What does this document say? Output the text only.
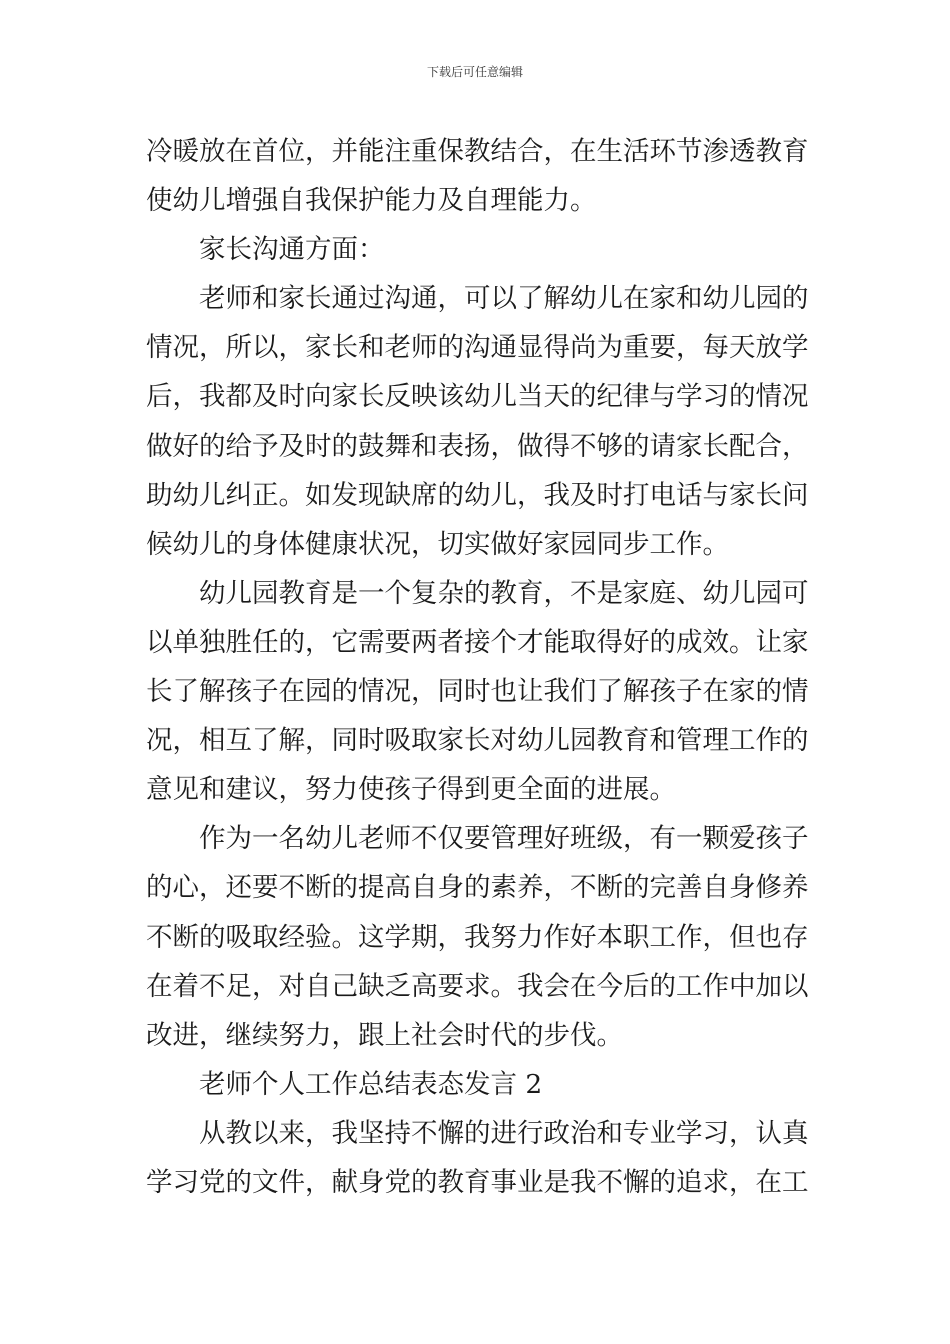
下载后可任意编辑
冷暖放在首位，并能注重保教结合，在生活环节渗透教育
使幼儿增强自我保护能力及自理能力。
家长沟通方面：
老师和家长通过沟通，可以了解幼儿在家和幼儿园的
情况，所以，家长和老师的沟通显得尚为重要，每天放学
后，我都及时向家长反映该幼儿当天的纪律与学习的情况
做好的给予及时的鼓舞和表扬，做得不够的请家长配合，
助幼儿纠正。如发现缺席的幼儿，我及时打电话与家长问
候幼儿的身体健康状况，切实做好家园同步工作。
幼儿园教育是一个复杂的教育，不是家庭、幼儿园可
以单独胜任的，它需要两者接个才能取得好的成效。让家
长了解孩子在园的情况，同时也让我们了解孩子在家的情
况，相互了解，同时吸取家长对幼儿园教育和管理工作的
意见和建议，努力使孩子得到更全面的进展。
作为一名幼儿老师不仅要管理好班级，有一颗爱孩子
的心，还要不断的提高自身的素养，不断的完善自身修养
不断的吸取经验。这学期，我努力作好本职工作，但也存
在着不足，对自己缺乏高要求。我会在今后的工作中加以
改进，继续努力，跟上社会时代的步伐。
老师个人工作总结表态发言 2
从教以来，我坚持不懈的进行政治和专业学习，认真
学习党的文件，献身党的教育事业是我不懈的追求，在工
